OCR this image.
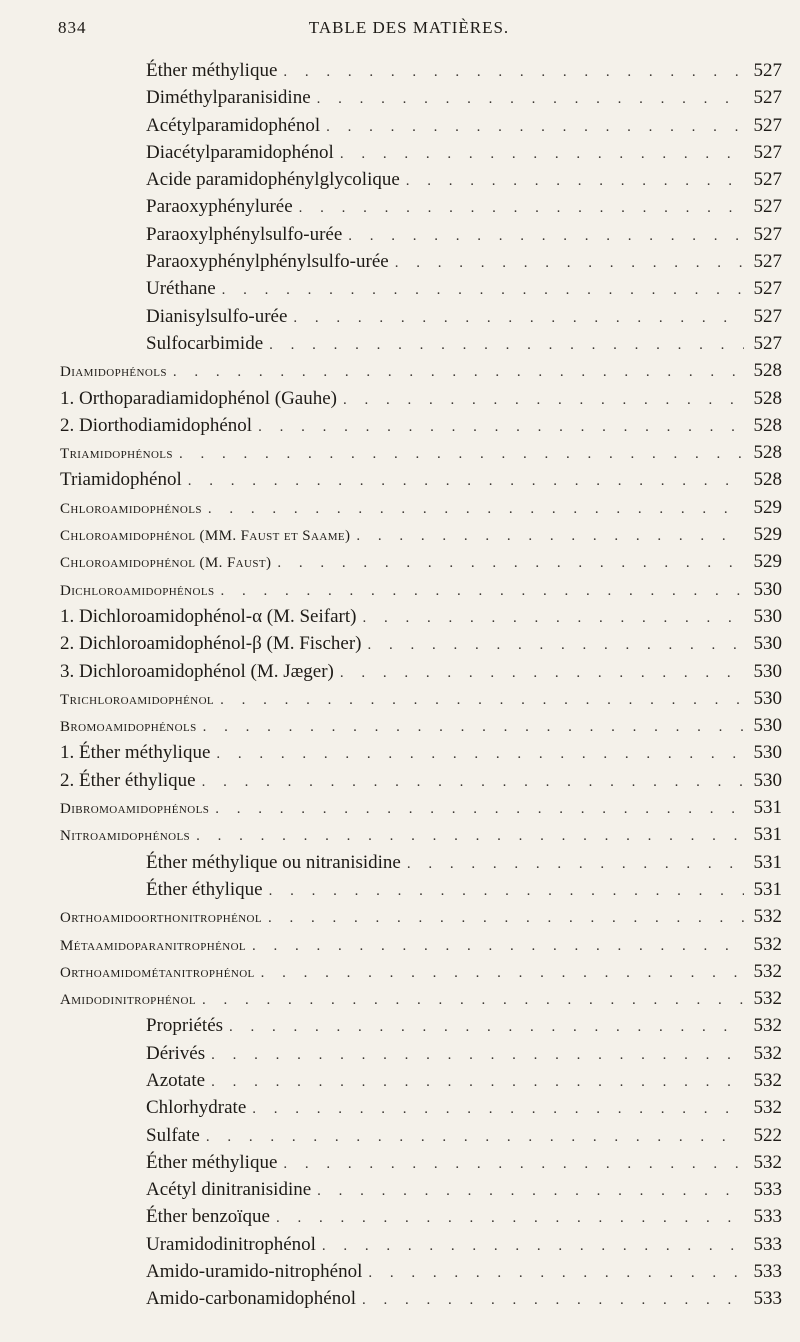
834	TABLE DES MATIÈRES.
Éther méthylique . . .	527
Diméthylparanisidine . . .	527
Acétylparamidophénol . . .	527
Diacétylparamidophénol . . .	527
Acide paramidophénylglycolique . . .	527
Paraoxyphénylurée . . .	527
Paraoxylphénylsulfo-urée . . .	527
Paraoxyphénylphénylsulfo-urée . . .	527
Uréthane . . .	527
Dianisylsulfo-urée . . .	527
Sulfocarbimide . . .	527
Diamidophénols . . .	528
1. Orthoparadiamidophénol (Gauhe) . . .	528
2. Diorthodiamidophénol . . .	528
Triamidophénols . . .	528
Triamidophénol . . .	528
Chloroamidophénols . . .	529
Chloroamidophénol (MM. Faust et Saame) . . .	529
Chloroamidophénol (M. Faust) . . .	529
Dichloroamidophénols . . .	530
1. Dichloroamidophénol-α (M. Seifart) . . .	530
2. Dichloroamidophénol-β (M. Fischer) . . .	530
3. Dichloroamidophénol (M. Jæger) . . .	530
Trichloroamidophénol . . .	530
Bromoamidophénols . . .	530
1. Éther méthylique . . .	530
2. Éther éthylique . . .	530
Dibromoamidophénols . . .	531
Nitroamidophénols . . .	531
Éther méthylique ou nitranisidine . . .	531
Éther éthylique . . .	531
Orthoamidoorthonitrophénol . . .	532
Métaamidoparanitrophénol . . .	532
Orthoamidométanitrophénol . . .	532
Amidodinitrophénol . . .	532
Propriétés . . .	532
Dérivés . . .	532
Azotate . . .	532
Chlorhydrate . . .	532
Sulfate . . .	522
Éther méthylique . . .	532
Acétyl dinitranisidine . . .	533
Éther benzoïque . . .	533
Uramidodinitrophénol . . .	533
Amido-uramido-nitrophénol . . .	533
Amido-carbonamidophénol . . .	533
